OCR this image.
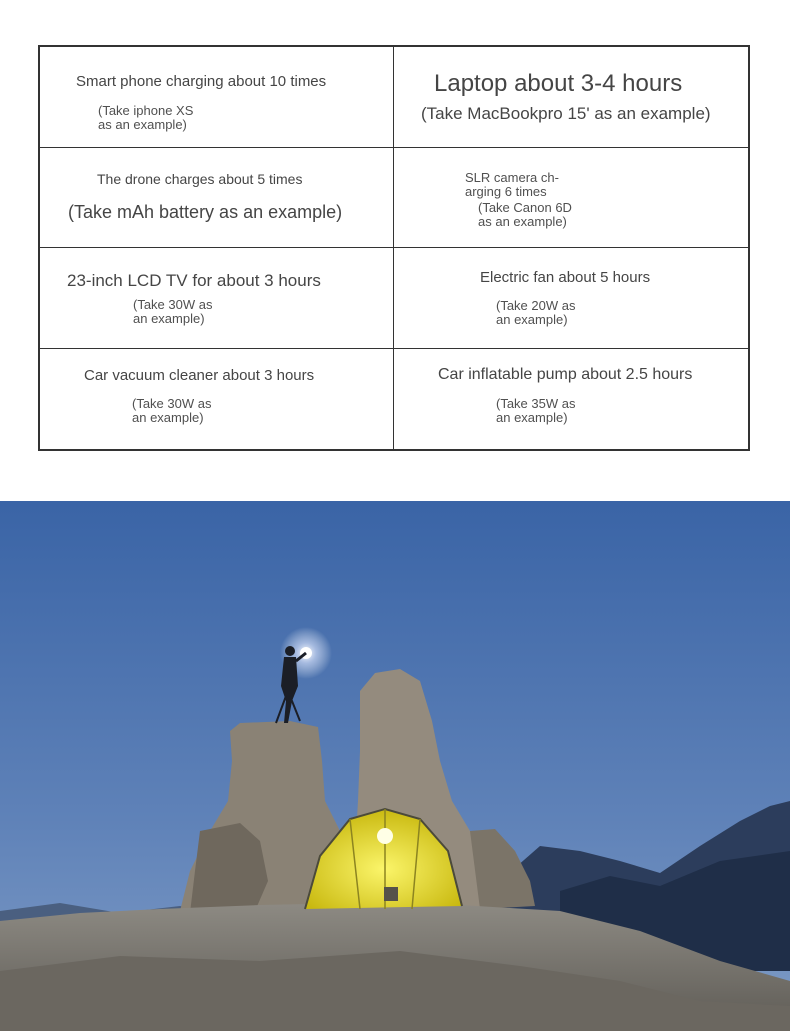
Smart phone charging about 10 times
(Take iphone XS
as an example)
Laptop about 3-4 hours
(Take MacBookpro 15' as an example)
The drone charges about 5 times
(Take mAh battery as an example)
SLR camera ch-
arging 6 times
(Take Canon 6D
as an example)
23-inch LCD TV for about 3 hours
(Take 30W as
an example)
Electric fan about 5 hours
(Take 20W as
an example)
Car vacuum cleaner about 3 hours
(Take 30W as
an example)
Car inflatable pump about 2.5 hours
(Take 35W as
an example)
